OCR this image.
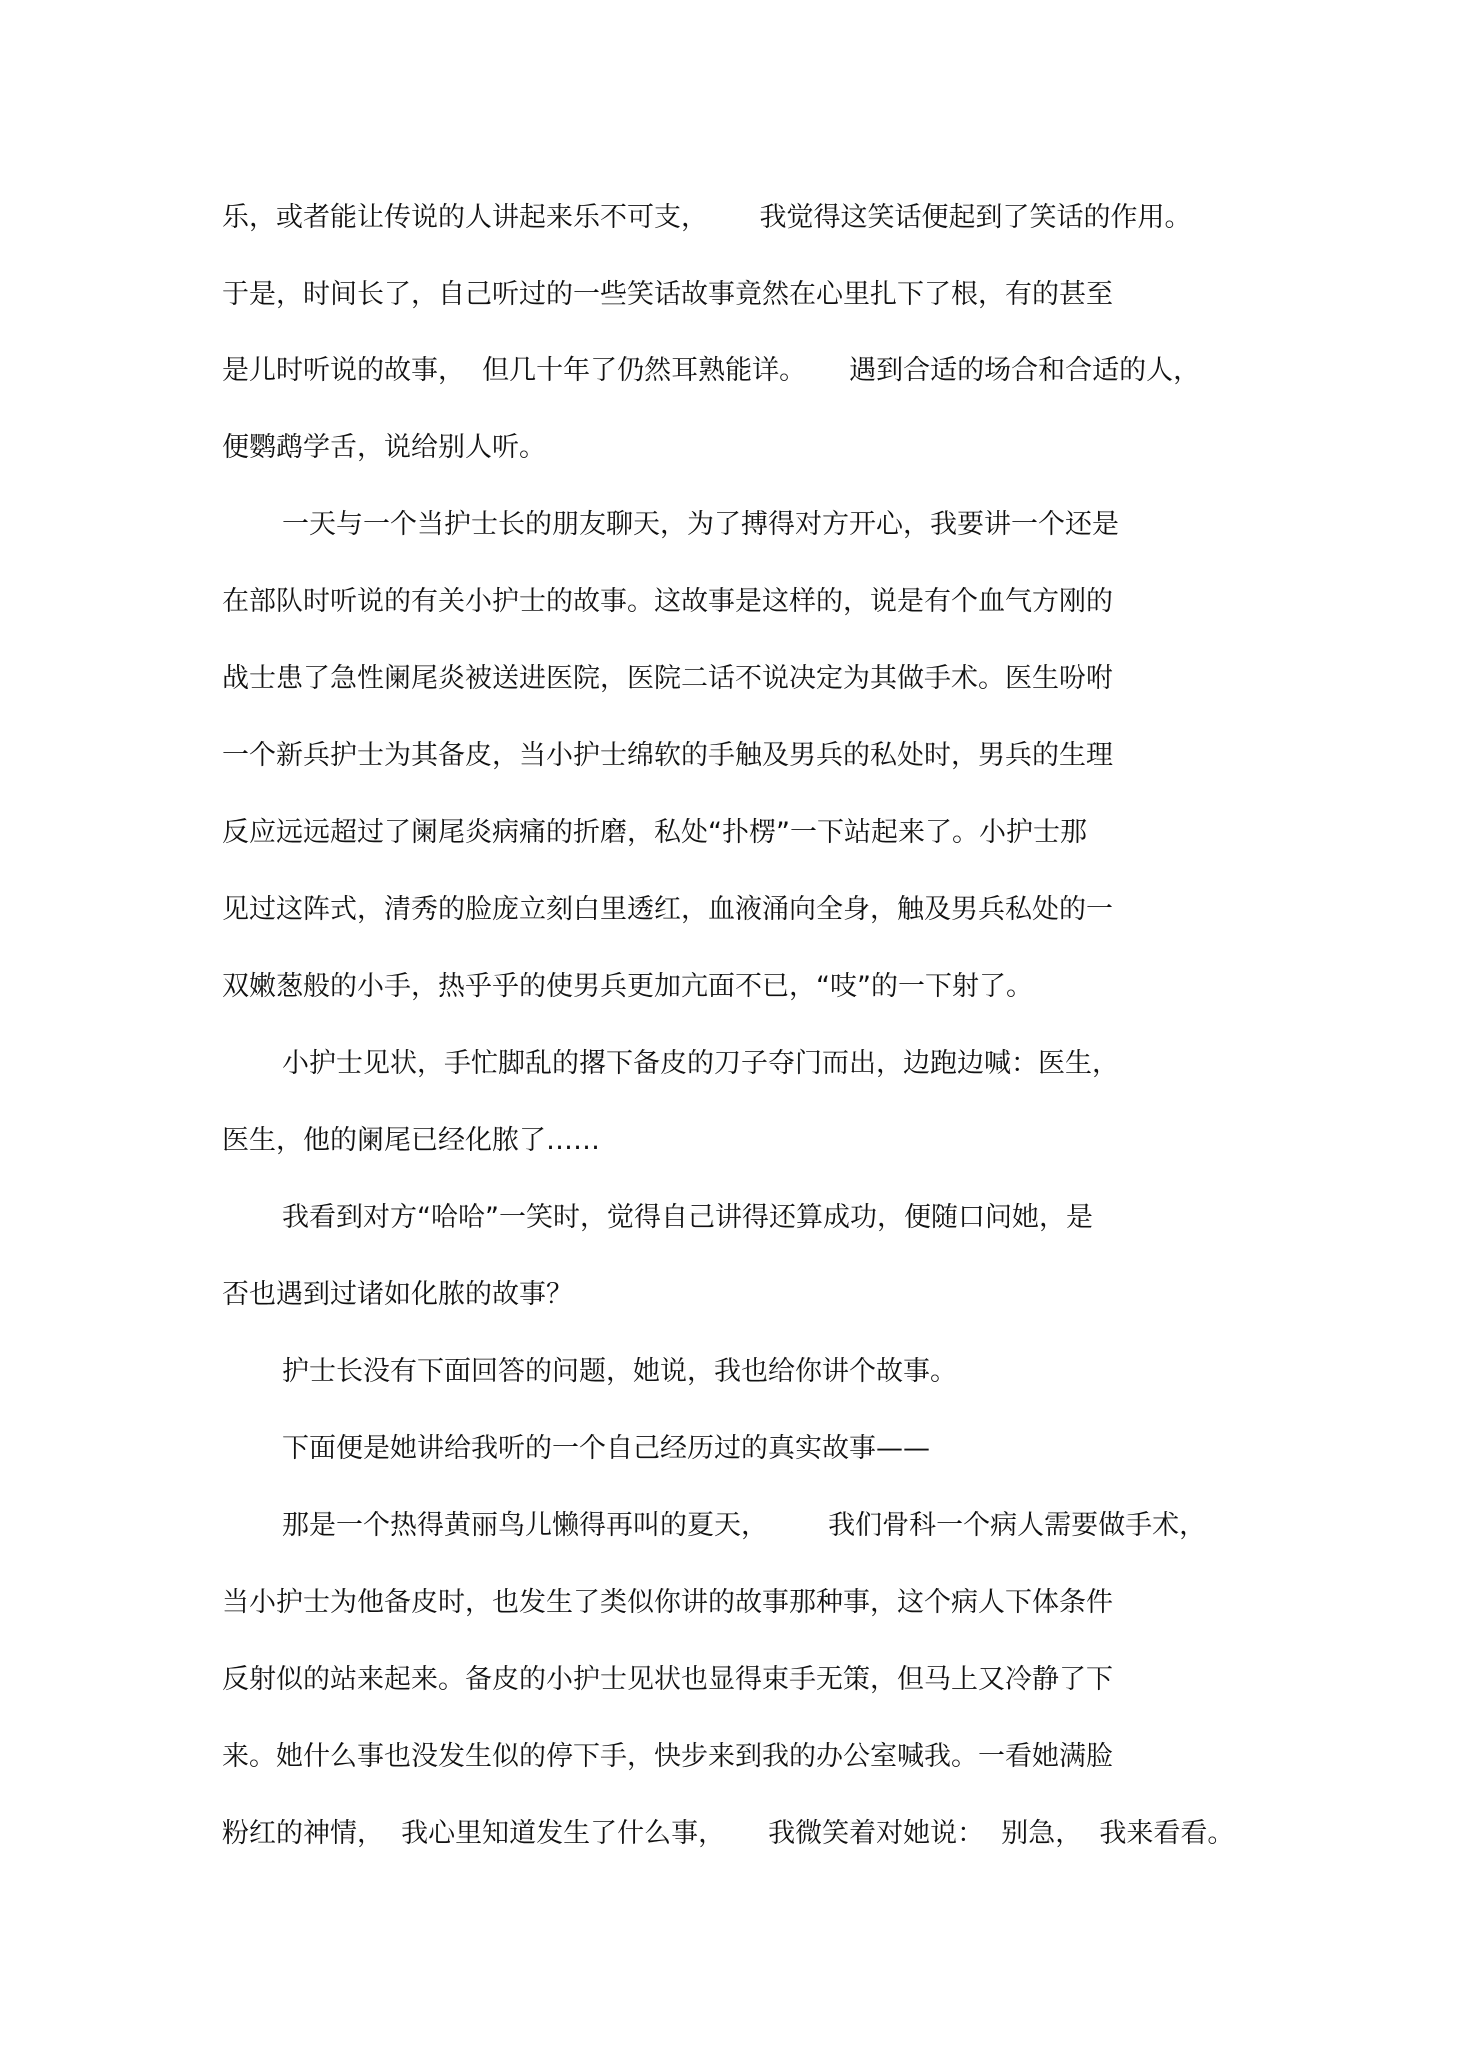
乐，或者能让传说的人讲起来乐不可支，      我觉得这笑话便起到了笑话的作用。
于是，时间长了，自己听过的一些笑话故事竟然在心里扎下了根，有的甚至
是儿时听说的故事，  但几十年了仍然耳熟能详。     遇到合适的场合和合适的人，
便鹦鹉学舌，说给别人听。
一天与一个当护士长的朋友聊天，为了搏得对方开心，我要讲一个还是
在部队时听说的有关小护士的故事。这故事是这样的，说是有个血气方刚的
战士患了急性阑尾炎被送进医院，医院二话不说决定为其做手术。医生吩咐
一个新兵护士为其备皮，当小护士绵软的手触及男兵的私处时，男兵的生理
反应远远超过了阑尾炎病痛的折磨，私处“扑楞”一下站起来了。小护士那
见过这阵式，清秀的脸庞立刻白里透红，血液涌向全身，触及男兵私处的一
双嫩葱般的小手，热乎乎的使男兵更加亢面不已，“吱”的一下射了。
小护士见状，手忙脚乱的撂下备皮的刀子夺门而出，边跑边喊：医生，
医生，他的阑尾已经化脓了……
我看到对方“哈哈”一笑时，觉得自己讲得还算成功，便随口问她，是
否也遇到过诸如化脓的故事？
护士长没有下面回答的问题，她说，我也给你讲个故事。
下面便是她讲给我听的一个自己经历过的真实故事——
那是一个热得黄丽鸟儿懒得再叫的夏天，       我们骨科一个病人需要做手术，
当小护士为他备皮时，也发生了类似你讲的故事那种事，这个病人下体条件
反射似的站来起来。备皮的小护士见状也显得束手无策，但马上又冷静了下
来。她什么事也没发生似的停下手，快步来到我的办公室喊我。一看她满脸
粉红的神情，  我心里知道发生了什么事，     我微笑着对她说：  别急，  我来看看。
